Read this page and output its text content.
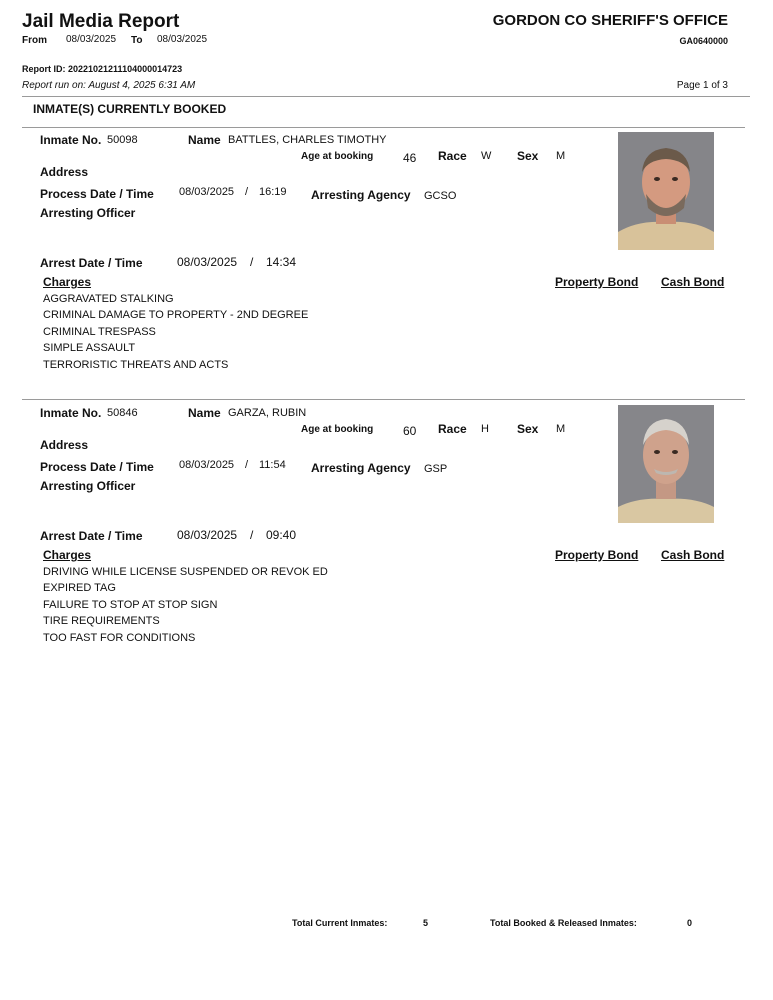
Jail Media Report
From 08/03/2025 To 08/03/2025
GORDON CO SHERIFF'S OFFICE
GA0640000
Report ID: 20221021211104000014723
Report run on: August 4, 2025 6:31 AM	Page 1 of 3
INMATE(S) CURRENTLY BOOKED
Inmate No. 50098	Name BATTLES, CHARLES TIMOTHY
Age at booking 46 Race W Sex M
Address
Process Date / Time 08/03/2025 / 16:19 Arresting Agency GCSO
Arresting Officer
Arrest Date / Time	08/03/2025 / 14:34
Charges	Property Bond Cash Bond
AGGRAVATED STALKING
CRIMINAL DAMAGE TO PROPERTY - 2ND DEGREE
CRIMINAL TRESPASS
SIMPLE ASSAULT
TERRORISTIC THREATS AND ACTS
Inmate No. 50846	Name GARZA, RUBIN
Age at booking 60 Race H Sex M
Address
Process Date / Time 08/03/2025 / 11:54 Arresting Agency GSP
Arresting Officer
Arrest Date / Time	08/03/2025 / 09:40
Charges	Property Bond Cash Bond
DRIVING WHILE LICENSE SUSPENDED OR REVOK ED
EXPIRED TAG
FAILURE TO STOP AT STOP SIGN
TIRE REQUIREMENTS
TOO FAST FOR CONDITIONS
Total Current Inmates:	5	Total Booked & Released Inmates:	0
